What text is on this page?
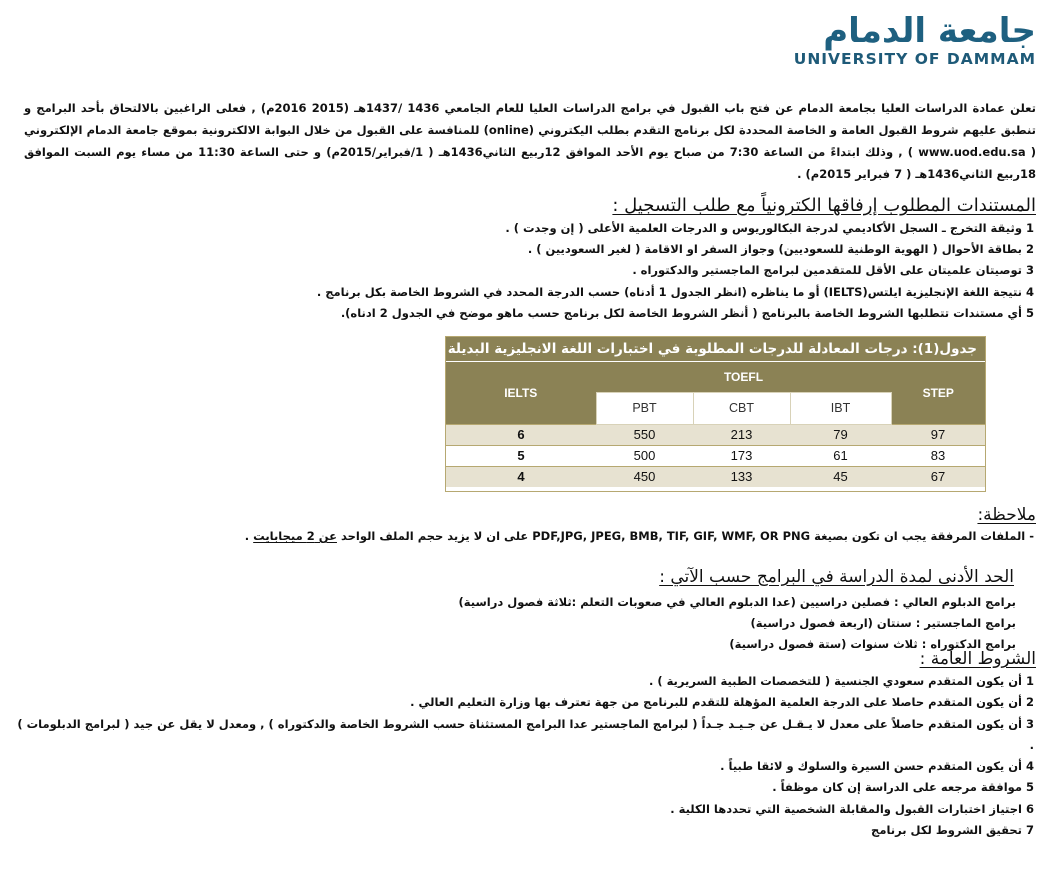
جامعة الدمام
UNIVERSITY OF DAMMAM

تعلن عمادة الدراسات العليا بجامعة الدمام عن فتح باب القبول في برامج الدراسات العليا للعام الجامعي 1436 /1437هـ (2015 2016م) , فعلى الراغبين بالالتحاق بأحد البرامج و تنطبق عليهم شروط القبول العامة و الخاصة المحددة لكل برنامج التقدم بطلب اليكتروني (online) للمنافسة على القبول من خلال البوابة الالكترونية بموقع جامعة الدمام الإلكتروني ( www.uod.edu.sa ) , وذلك ابتداءً من الساعة 7:30 من صباح يوم الأحد الموافق 12ربيع الثاني1436هـ ( 1/فبراير/2015م) و حتى الساعة 11:30 من مساء يوم السبت الموافق 18ربيع الثاني1436هـ ( 7 فبراير 2015م) .

المستندات المطلوب إرفاقها الكترونياً مع طلب التسجيل :
1وثيقة التخرج ـ السجل الأكاديمي لدرجة البكالوريوس و الدرجات العلمية الأعلى ( إن وجدت ) .
2بطاقة الأحوال ( الهوية الوطنية للسعوديين) وجواز السفر او الاقامة ( لغير السعوديين ) .
3توصيتان علميتان على الأقل للمتقدمين لبرامج الماجستير والدكتوراه .
4نتيجة اللغة الإنجليزية ايلتس(IELTS) أو ما يناظره (انظر الجدول 1 أدناه) حسب الدرجة المحدد في الشروط الخاصة بكل برنامج .
5أي مستندات تتطلبها الشروط الخاصة بالبرنامج ( أنظر الشروط الخاصة لكل برنامج حسب ماهو موضح في الجدول 2 ادناه).
جدول(1): درجات المعادلة للدرجات المطلوبة في اختبارات اللغة الانجليزية البديلة
IELTS	TOEFL			STEP
	PBT	CBT	IBT	
6	550	213	79	97
5	500	173	61	83
4	450	133	45	67
ملاحظة:

- الملفات المرفقة يجب ان تكون بصيغة PDF,JPG, JPEG, BMB, TIF, GIF, WMF, OR PNG على ان لا يزيد حجم الملف الواحد عن 2 ميجابايت .

الحد الأدنى لمدة الدراسة في البرامج حسب الآتي :
برامج الدبلوم العالي : فصلين دراسيين (عدا الدبلوم العالي في صعوبات التعلم :ثلاثة فصول دراسية)
برامج الماجستير : سنتان (اربعة فصول دراسية)
برامج الدكتوراه : ثلاث سنوات (ستة فصول دراسية)
الشروط العامة :
1أن يكون المتقدم سعودي الجنسية ( للتخصصات الطبية السريرية ) .
2أن يكون المتقدم حاصلا على الدرجة العلمية المؤهلة للتقدم للبرنامج من جهة تعترف بها وزارة التعليم العالي .
3أن يكون المتقدم حاصلاً على معدل لا يـقـل عن جـيـد جـداً ( لبرامج الماجستير عدا البرامج المستثناة حسب الشروط الخاصة والدكتوراه ) , ومعدل لا يقل عن جيد ( لبرامج الدبلومات ) .
4أن يكون المتقدم حسن السيرة والسلوك و لائقا طبياً .
5موافقة مرجعه على الدراسة إن كان موظفاً .
6اجتياز اختبارات القبول والمقابلة الشخصية التي تحددها الكلية .
7تحقيق الشروط لكل برنامج
